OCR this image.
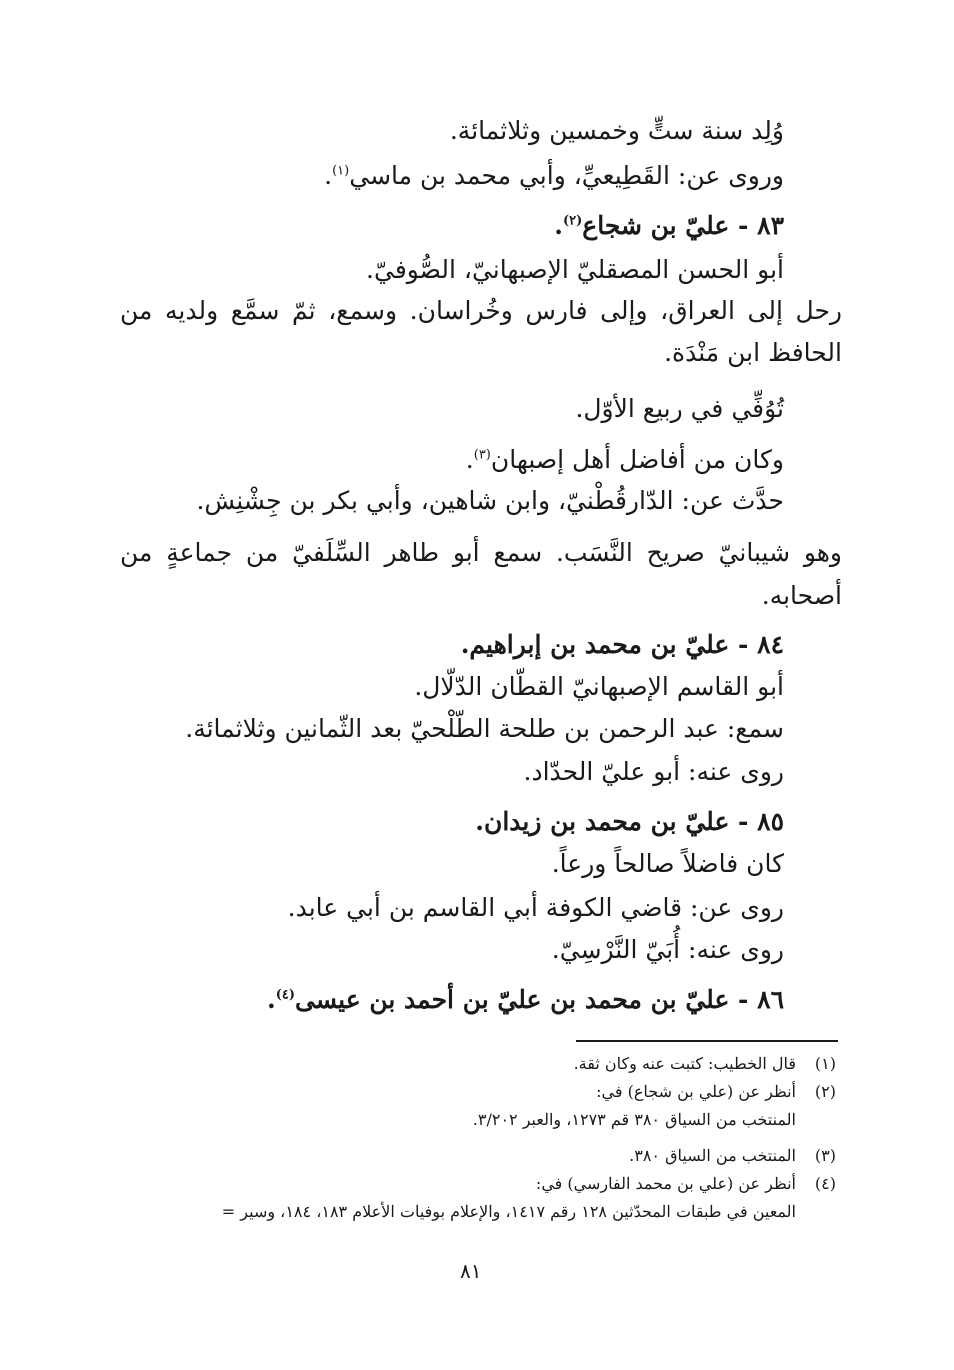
وُلِد سنة ستٍّ وخمسين وثلاثمائة.
وروى عن: القَطِيعيِّ، وأبي محمد بن ماسي$^{(١)}$.
٨٣ - عليّ بن شجاع$^{(٢)}$.
أبو الحسن المصقليّ الإصبهانيّ، الصُّوفيّ.
رحل إلى العراق، وإلى فارس وخُراسان. وسمع، ثمّ سمَّع ولديه من
الحافظ ابن مَنْدَة.
تُوُفِّي في ربيع الأوّل.
وكان من أفاضل أهل إصبهان$^{(٣)}$.
حدَّث عن: الدّارقُطْنيّ، وابن شاهين، وأبي بكر بن جِشْنِش.
وهو شيبانيّ صريح النَّسَب. سمع أبو طاهر السِّلَفيّ من جماعةٍ من
أصحابه.
٨٤ - عليّ بن محمد بن إبراهيم.
أبو القاسم الإصبهانيّ القطّان الدّلّال.
سمع: عبد الرحمن بن طلحة الطّلْحيّ بعد الثّمانين وثلاثمائة.
روى عنه: أبو عليّ الحدّاد.
٨٥ - عليّ بن محمد بن زيدان.
كان فاضلاً صالحاً ورعاً.
روى عن: قاضي الكوفة أبي القاسم بن أبي عابد.
روى عنه: أُبَيّ النَّرْسِيّ.
٨٦ - عليّ بن محمد بن عليّ بن أحمد بن عيسى$^{(٤)}$.
(١)قال الخطيب: كتبت عنه وكان ثقة.
(٢)أنظر عن (علي بن شجاع) في:
المنتخب من السياق ٣٨٠ قم ١٢٧٣، والعبر ٣/٢٠٢.
(٣)المنتخب من السياق ٣٨٠.
(٤)أنظر عن (علي بن محمد الفارسي) في:
المعين في طبقات المحدّثين ١٢٨ رقم ١٤١٧، والإعلام بوفيات الأعلام ١٨٣، ١٨٤، وسير =
٨١
